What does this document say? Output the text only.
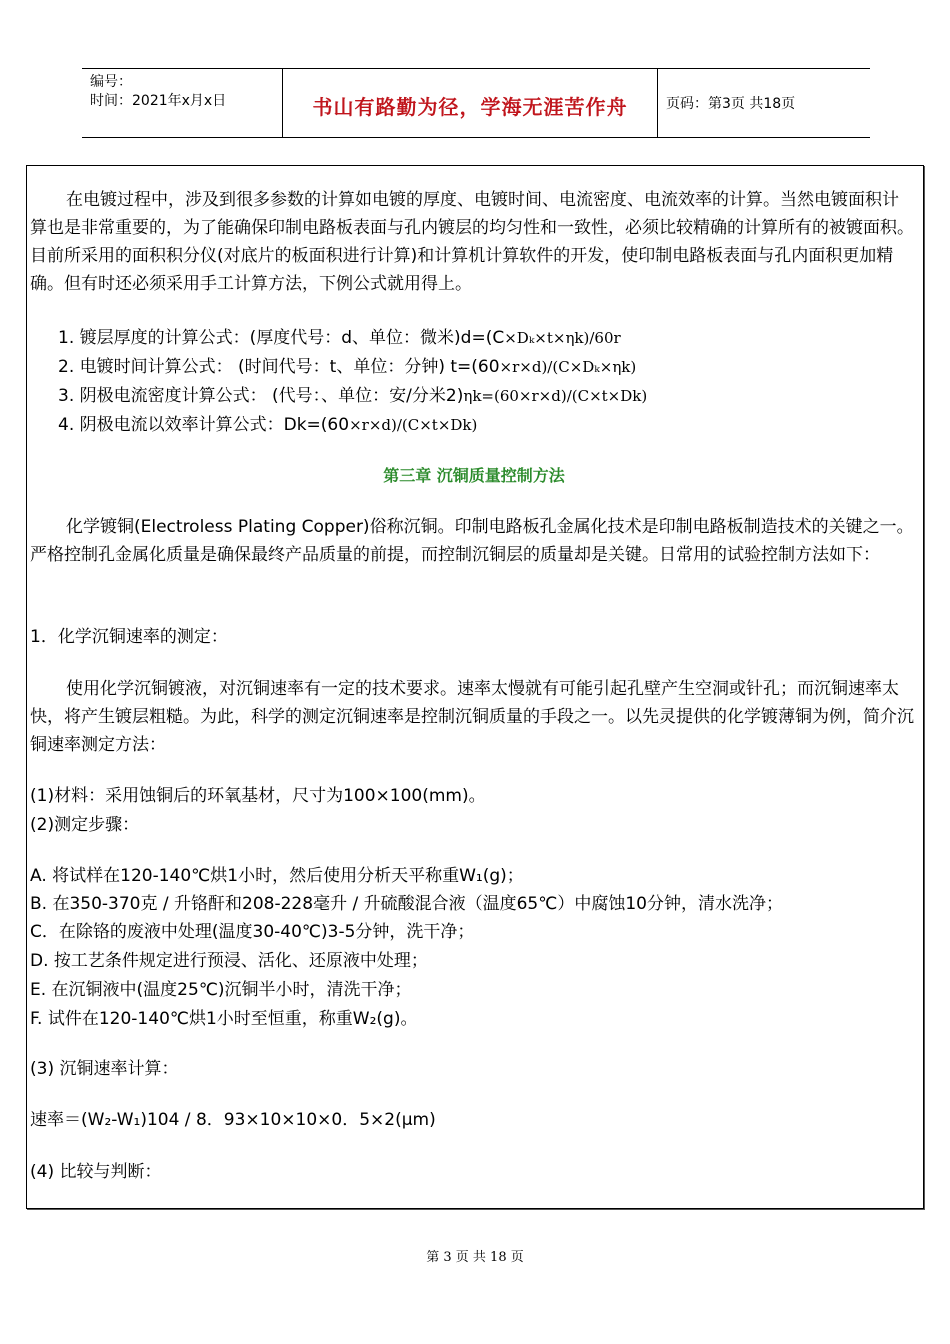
编号：
时间：2021年x月x日	书山有路勤为径，学海无涯苦作舟	页码：第3页 共18页
在电镀过程中，涉及到很多参数的计算如电镀的厚度、电镀时间、电流密度、电流效率的计算。当然电镀面积计算也是非常重要的，为了能确保印制电路板表面与孔内镀层的均匀性和一致性，必须比较精确的计算所有的被镀面积。目前所采用的面积积分仪(对底片的板面积进行计算)和计算机计算软件的开发，使印制电路板表面与孔内面积更加精确。但有时还必须采用手工计算方法，下例公式就用得上。
1. 镀层厚度的计算公式：(厚度代号：d、单位：微米)d=(C×Dₖ×t×ηk)/60r
2. 电镀时间计算公式： (时间代号：t、单位：分钟) t=(60×r×d)/(C×Dₖ×ηk)
3. 阴极电流密度计算公式： (代号：、单位：安/分米2)ηk=(60×r×d)/(C×t×Dk)
4. 阴极电流以效率计算公式：Dk=(60×r×d)/(C×t×Dk)
第三章 沉铜质量控制方法
化学镀铜(Electroless Plating Copper)俗称沉铜。印制电路板孔金属化技术是印制电路板制造技术的关键之一。严格控制孔金属化质量是确保最终产品质量的前提，而控制沉铜层的质量却是关键。日常用的试验控制方法如下：
1．化学沉铜速率的测定：
使用化学沉铜镀液，对沉铜速率有一定的技术要求。速率太慢就有可能引起孔壁产生空洞或针孔；而沉铜速率太快，将产生镀层粗糙。为此，科学的测定沉铜速率是控制沉铜质量的手段之一。以先灵提供的化学镀薄铜为例，简介沉铜速率测定方法：
(1)材料：采用蚀铜后的环氧基材，尺寸为100×100(mm)。
(2)测定步骤：
A. 将试样在120-140℃烘1小时，然后使用分析天平称重W₁(g)；
B. 在350-370克 / 升铬酐和208-228毫升 / 升硫酸混合液（温度65℃）中腐蚀10分钟，清水洗净；
C．在除铬的废液中处理(温度30-40℃)3-5分钟，洗干净；
D. 按工艺条件规定进行预浸、活化、还原液中处理；
E. 在沉铜液中(温度25℃)沉铜半小时，清洗干净；
F. 试件在120-140℃烘1小时至恒重，称重W₂(g)。
(3) 沉铜速率计算：
速率＝(W₂-W₁)104 / 8．93×10×10×0．5×2(μm)
(4) 比较与判断：
第 3 页 共 18 页
